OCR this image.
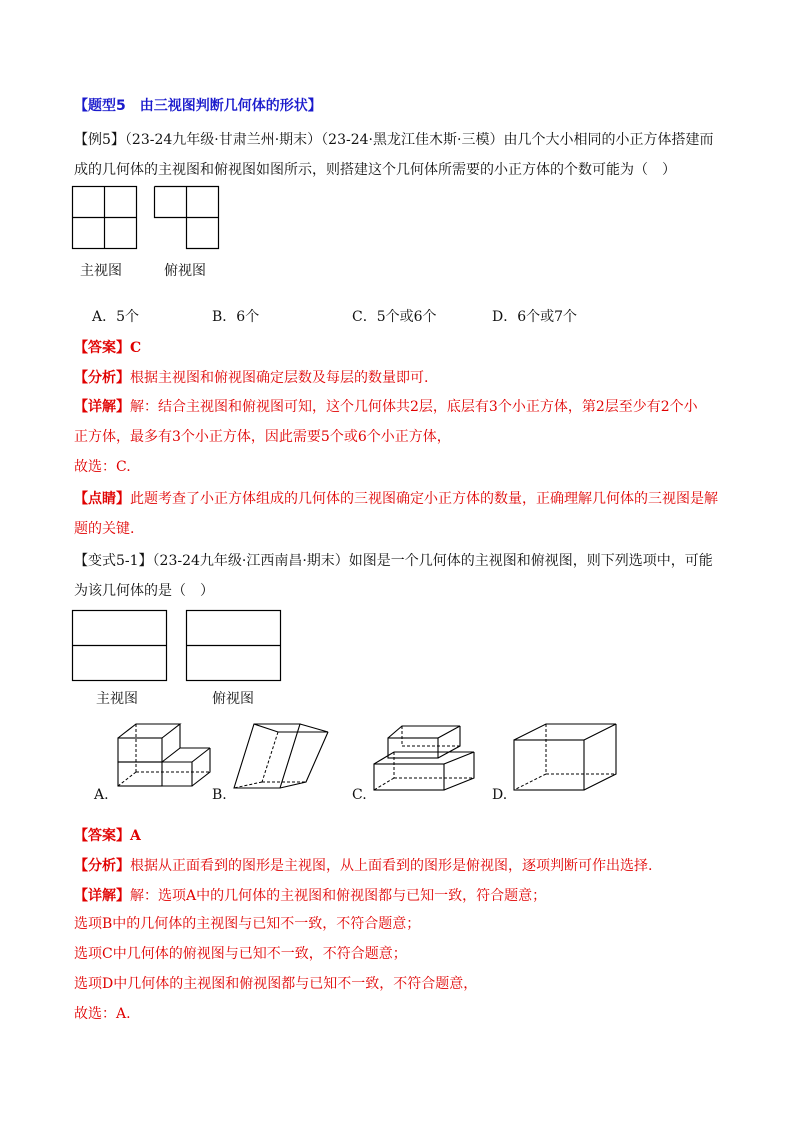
【题型5　由三视图判断几何体的形状】
【例5】（23-24九年级·甘肃兰州·期末）（23-24·黑龙江佳木斯·三模）由几个大小相同的小正方体搭建而
成的几何体的主视图和俯视图如图所示，则搭建这个几何体所需要的小正方体的个数可能为（　）
主视图	俯视图
A．5个	B．6个	C．5个或6个	D．6个或7个
【答案】C
【分析】根据主视图和俯视图确定层数及每层的数量即可.
【详解】解：结合主视图和俯视图可知，这个几何体共2层，底层有3个小正方体，第2层至少有2个小
正方体，最多有3个小正方体，因此需要5个或6个小正方体，
故选：C.
【点睛】此题考查了小正方体组成的几何体的三视图确定小正方体的数量，正确理解几何体的三视图是解
题的关键.
【变式5-1】（23-24九年级·江西南昌·期末）如图是一个几何体的主视图和俯视图，则下列选项中，可能
为该几何体的是（　）
主视图	俯视图
A.	B.	C.	D.
【答案】A
【分析】根据从正面看到的图形是主视图，从上面看到的图形是俯视图，逐项判断可作出选择.
【详解】解：选项A中的几何体的主视图和俯视图都与已知一致，符合题意；
选项B中的几何体的主视图与已知不一致，不符合题意；
选项C中几何体的俯视图与已知不一致，不符合题意；
选项D中几何体的主视图和俯视图都与已知不一致，不符合题意，
故选：A.
